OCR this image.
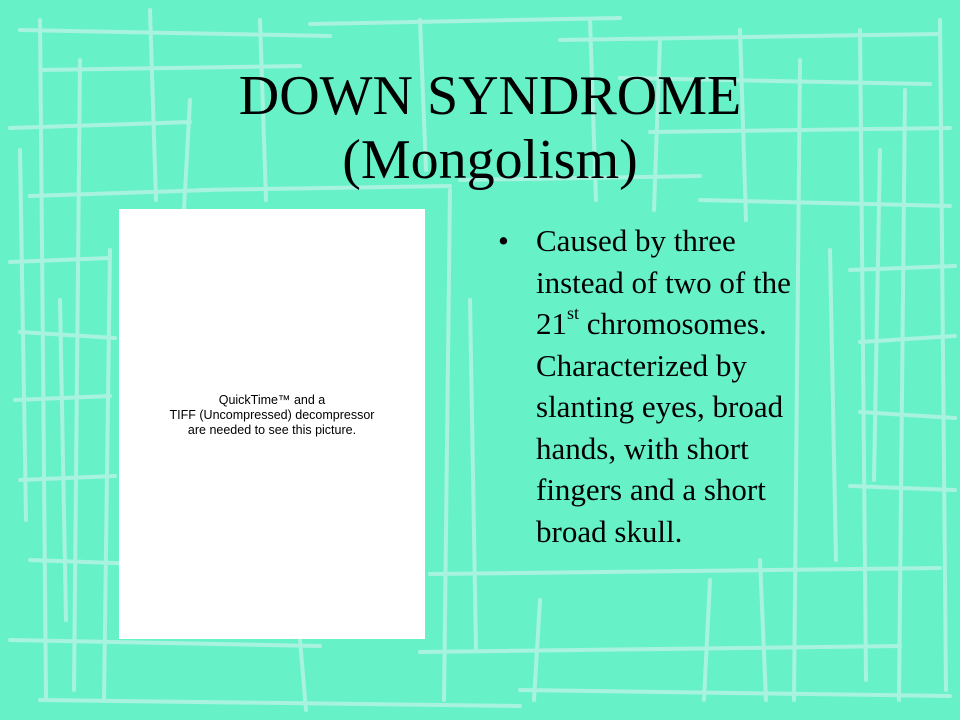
DOWN SYNDROME
(Mongolism)
QuickTime™ and a
TIFF (Uncompressed) decompressor
are needed to see this picture.
• Caused by three
instead of two of the
21st chromosomes.
Characterized by
slanting eyes, broad
hands, with short
fingers and a short
broad skull.
